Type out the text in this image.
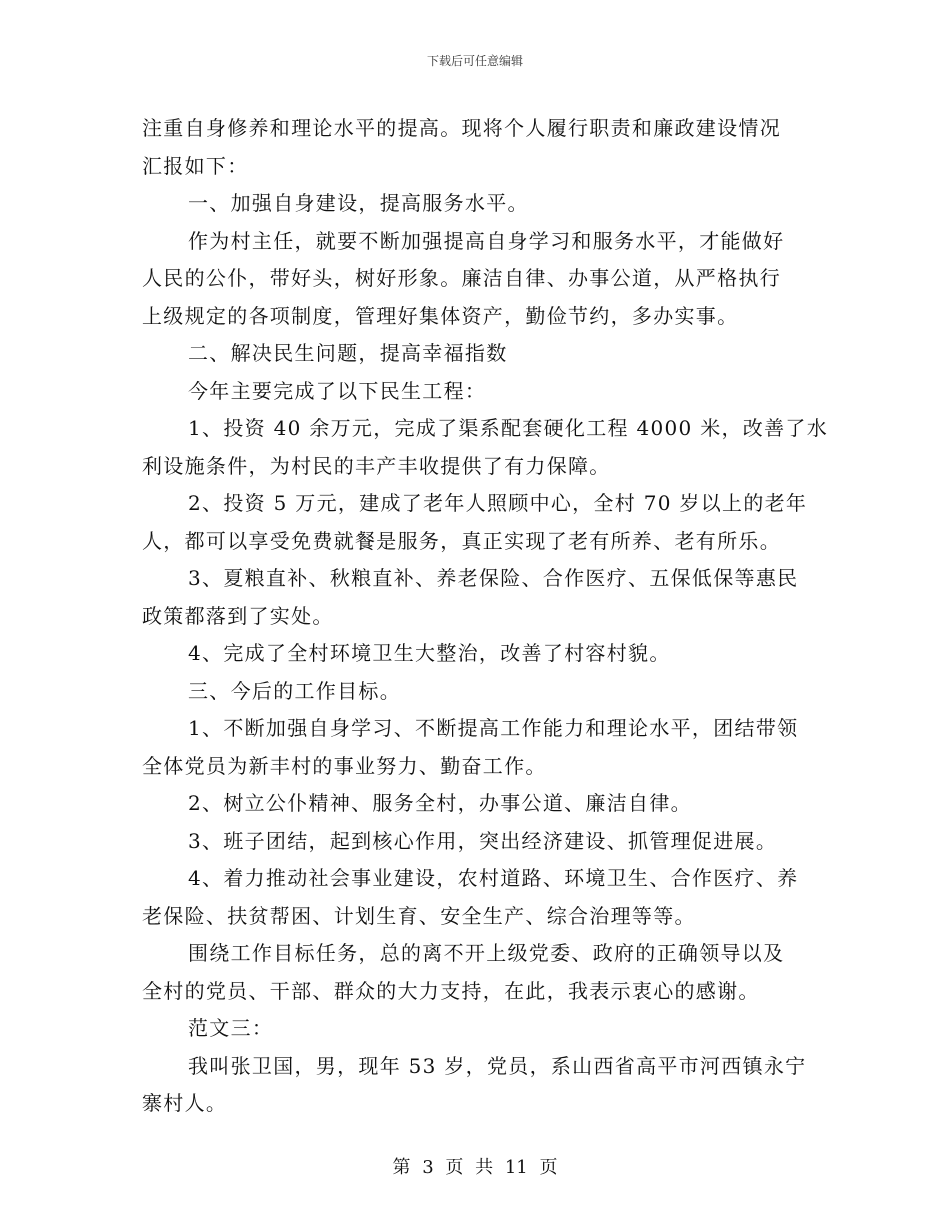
下载后可任意编辑
注重自身修养和理论水平的提高。现将个人履行职责和廉政建设情况
汇报如下：
一、加强自身建设，提高服务水平。
作为村主任，就要不断加强提高自身学习和服务水平，才能做好
人民的公仆，带好头，树好形象。廉洁自律、办事公道，从严格执行
上级规定的各项制度，管理好集体资产，勤俭节约，多办实事。
二、解决民生问题，提高幸福指数
今年主要完成了以下民生工程：
1、投资 40 余万元，完成了渠系配套硬化工程 4000 米，改善了水
利设施条件，为村民的丰产丰收提供了有力保障。
2、投资 5 万元，建成了老年人照顾中心，全村 70 岁以上的老年
人，都可以享受免费就餐是服务，真正实现了老有所养、老有所乐。
3、夏粮直补、秋粮直补、养老保险、合作医疗、五保低保等惠民
政策都落到了实处。
4、完成了全村环境卫生大整治，改善了村容村貌。
三、今后的工作目标。
1、不断加强自身学习、不断提高工作能力和理论水平，团结带领
全体党员为新丰村的事业努力、勤奋工作。
2、树立公仆精神、服务全村，办事公道、廉洁自律。
3、班子团结，起到核心作用，突出经济建设、抓管理促进展。
4、着力推动社会事业建设，农村道路、环境卫生、合作医疗、养
老保险、扶贫帮困、计划生育、安全生产、综合治理等等。
围绕工作目标任务，总的离不开上级党委、政府的正确领导以及
全村的党员、干部、群众的大力支持，在此，我表示衷心的感谢。
范文三：
我叫张卫国，男，现年 53 岁，党员，系山西省高平市河西镇永宁
寨村人。
第 3 页 共 11 页
